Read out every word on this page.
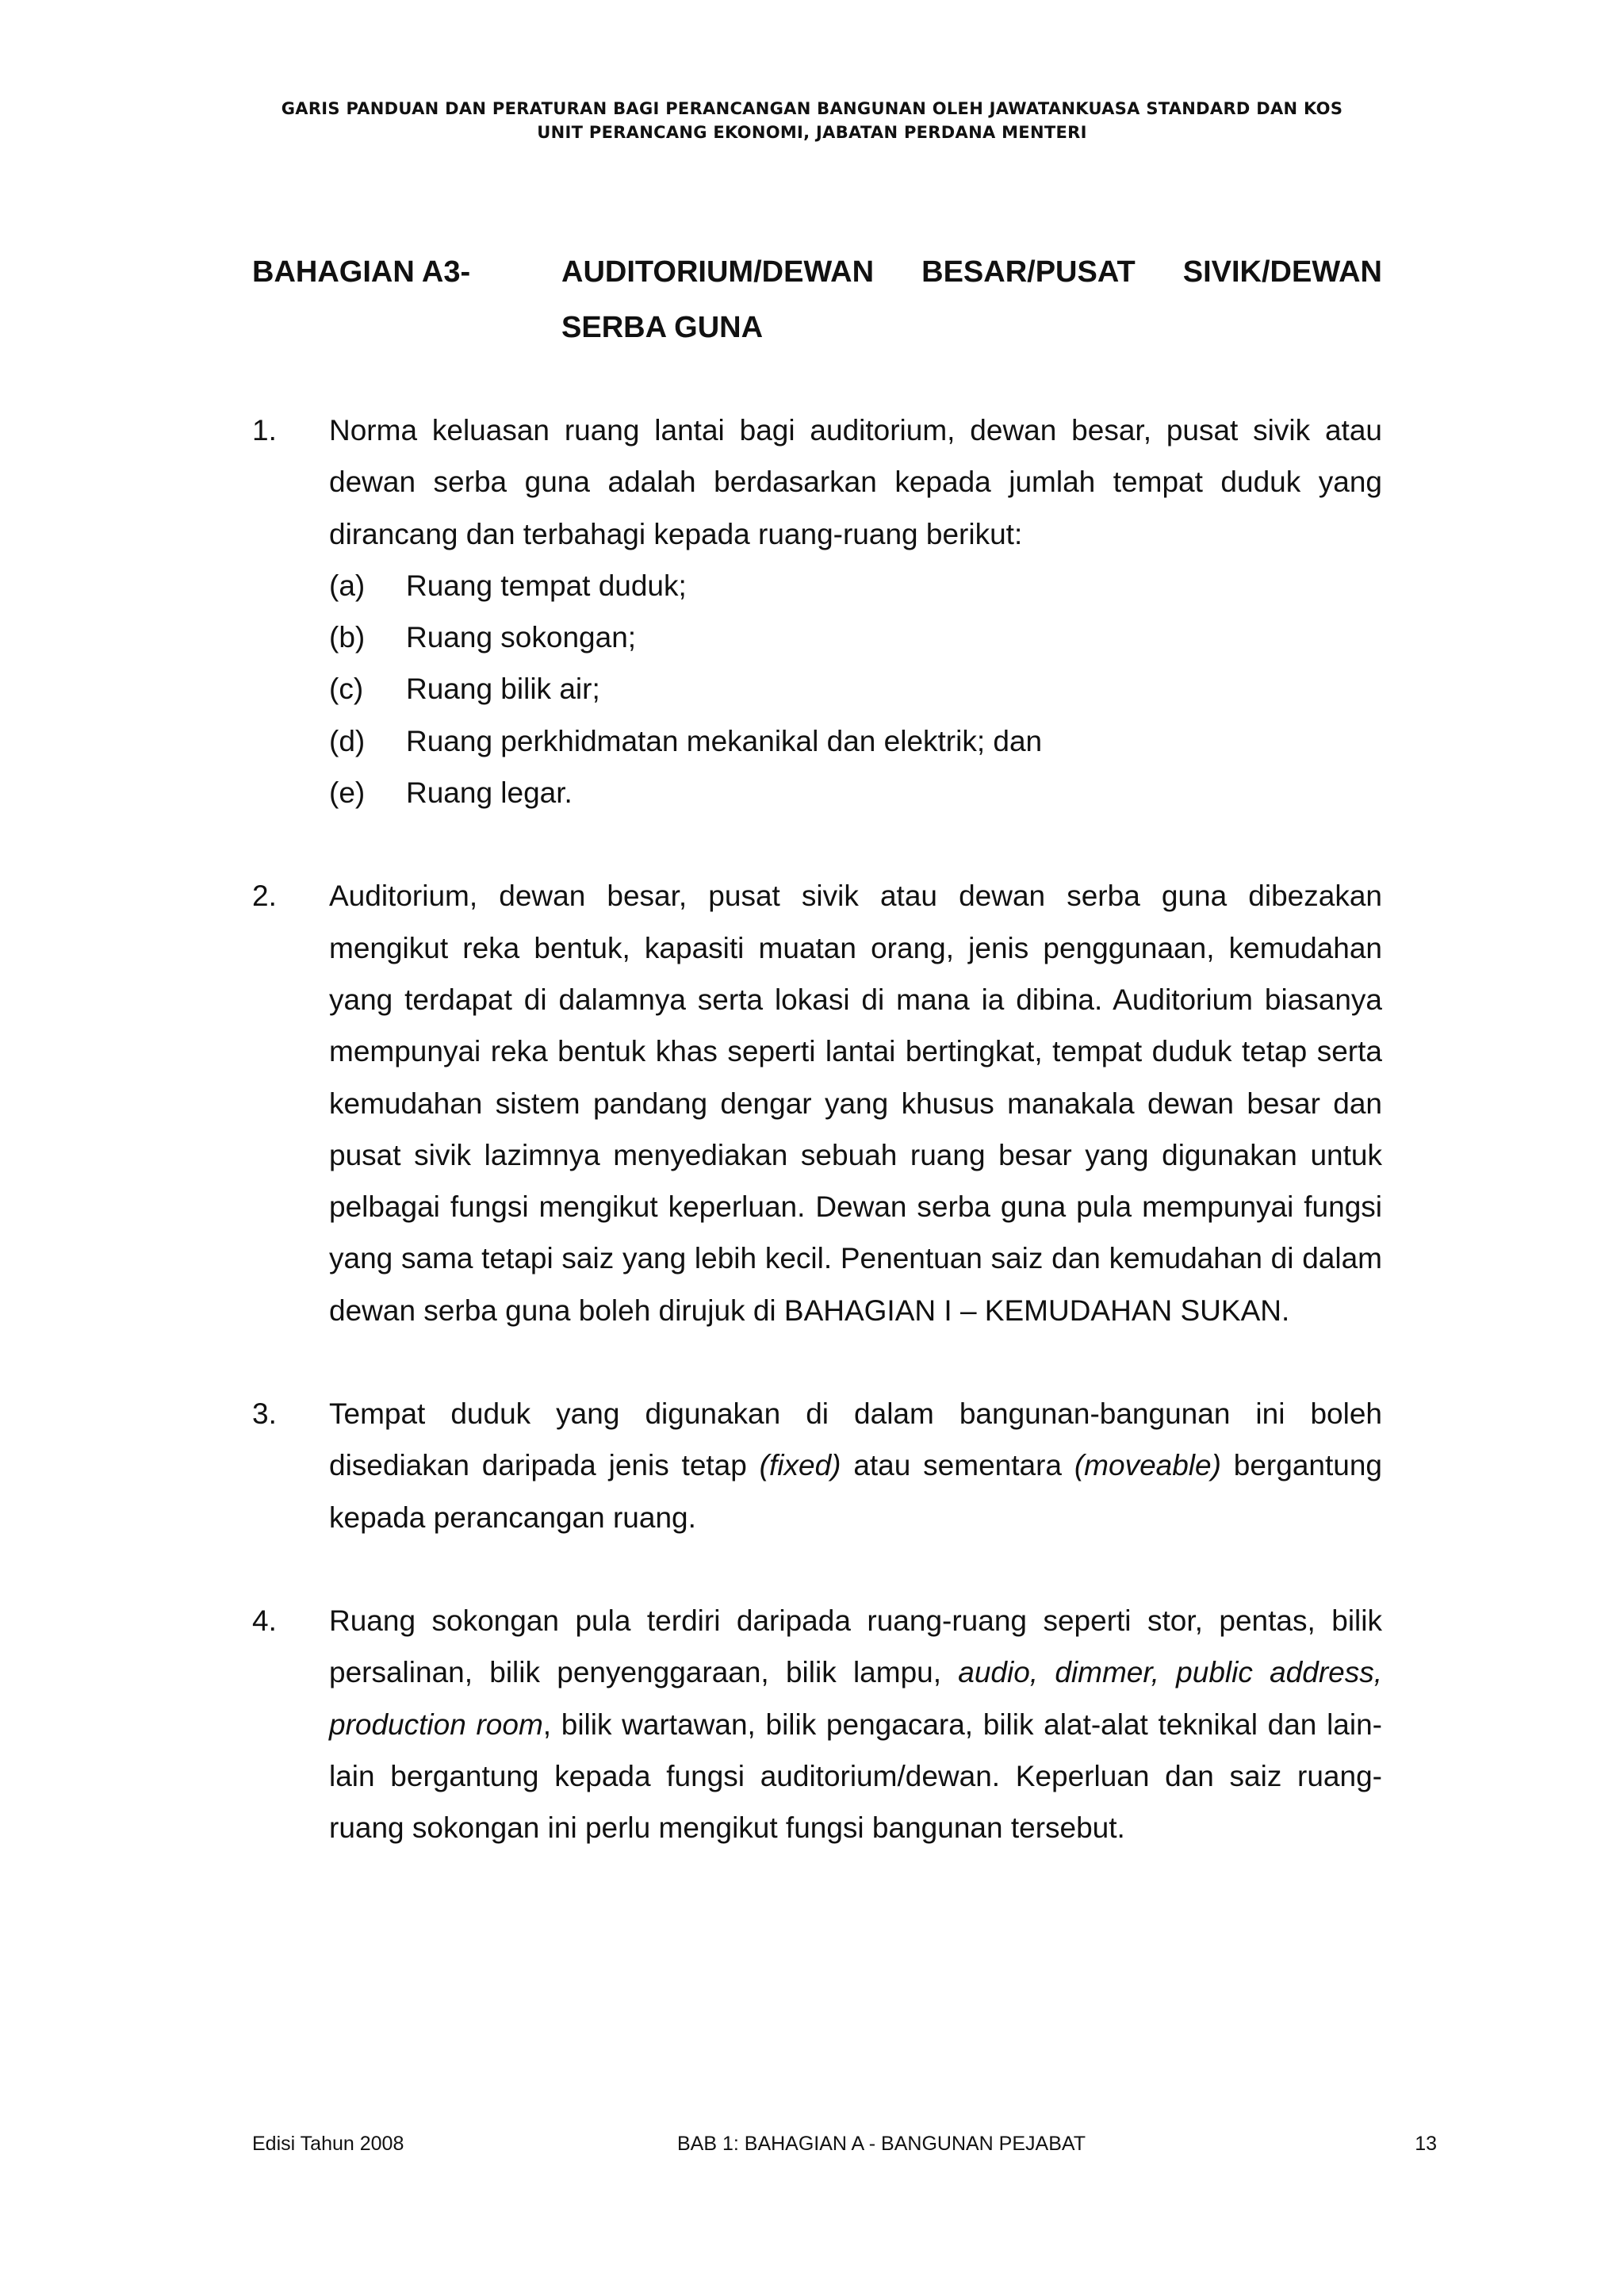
GARIS PANDUAN DAN PERATURAN BAGI PERANCANGAN BANGUNAN OLEH JAWATANKUASA STANDARD DAN KOS
UNIT PERANCANG EKONOMI, JABATAN PERDANA MENTERI
BAHAGIAN A3-	AUDITORIUM/DEWAN BESAR/PUSAT SIVIK/DEWAN SERBA GUNA
1. Norma keluasan ruang lantai bagi auditorium, dewan besar, pusat sivik atau dewan serba guna adalah berdasarkan kepada jumlah tempat duduk yang dirancang dan terbahagi kepada ruang-ruang berikut:
(a) Ruang tempat duduk;
(b) Ruang sokongan;
(c) Ruang bilik air;
(d) Ruang perkhidmatan mekanikal dan elektrik; dan
(e) Ruang legar.
2. Auditorium, dewan besar, pusat sivik atau dewan serba guna dibezakan mengikut reka bentuk, kapasiti muatan orang, jenis penggunaan, kemudahan yang terdapat di dalamnya serta lokasi di mana ia dibina. Auditorium biasanya mempunyai reka bentuk khas seperti lantai bertingkat, tempat duduk tetap serta kemudahan sistem pandang dengar yang khusus manakala dewan besar dan pusat sivik lazimnya menyediakan sebuah ruang besar yang digunakan untuk pelbagai fungsi mengikut keperluan. Dewan serba guna pula mempunyai fungsi yang sama tetapi saiz yang lebih kecil. Penentuan saiz dan kemudahan di dalam dewan serba guna boleh dirujuk di BAHAGIAN I – KEMUDAHAN SUKAN.
3. Tempat duduk yang digunakan di dalam bangunan-bangunan ini boleh disediakan daripada jenis tetap (fixed) atau sementara (moveable) bergantung kepada perancangan ruang.
4. Ruang sokongan pula terdiri daripada ruang-ruang seperti stor, pentas, bilik persalinan, bilik penyenggaraan, bilik lampu, audio, dimmer, public address, production room, bilik wartawan, bilik pengacara, bilik alat-alat teknikal dan lain-lain bergantung kepada fungsi auditorium/dewan. Keperluan dan saiz ruang-ruang sokongan ini perlu mengikut fungsi bangunan tersebut.
Edisi Tahun 2008	BAB 1: BAHAGIAN A - BANGUNAN PEJABAT	13
